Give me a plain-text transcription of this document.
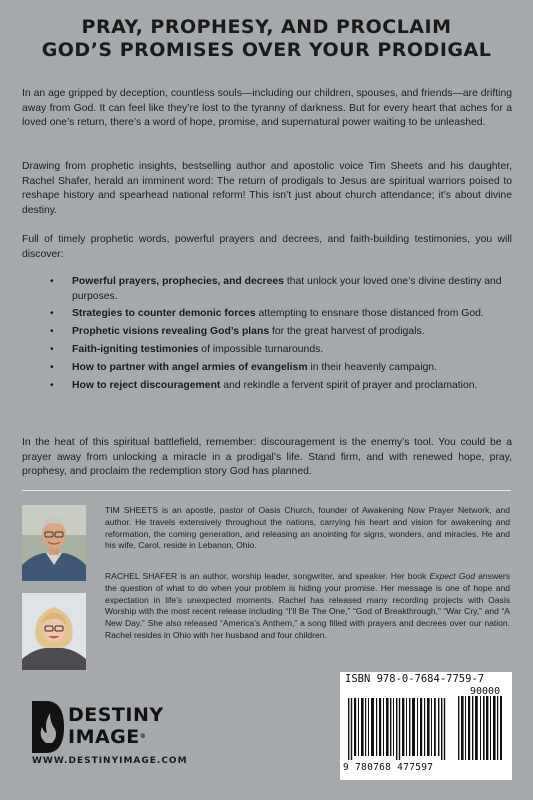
PRAY, PROPHESY, AND PROCLAIM
GOD’S PROMISES OVER YOUR PRODIGAL
In an age gripped by deception, countless souls—including our children, spouses, and friends—are drifting away from God. It can feel like they’re lost to the tyranny of darkness. But for every heart that aches for a loved one’s return, there’s a word of hope, promise, and supernatural power waiting to be unleashed.
Drawing from prophetic insights, bestselling author and apostolic voice Tim Sheets and his daughter, Rachel Shafer, herald an imminent word: The return of prodigals to Jesus are spiritual warriors poised to reshape history and spearhead national reform! This isn’t just about church attendance; it’s about divine destiny.
Full of timely prophetic words, powerful prayers and decrees, and faith-building testimonies, you will discover:
• Powerful prayers, prophecies, and decrees that unlock your loved one’s divine destiny and purposes.
• Strategies to counter demonic forces attempting to ensnare those distanced from God.
• Prophetic visions revealing God’s plans for the great harvest of prodigals.
• Faith-igniting testimonies of impossible turnarounds.
• How to partner with angel armies of evangelism in their heavenly campaign.
• How to reject discouragement and rekindle a fervent spirit of prayer and proclamation.
In the heat of this spiritual battlefield, remember: discouragement is the enemy’s tool. You could be a prayer away from unlocking a miracle in a prodigal’s life. Stand firm, and with renewed hope, pray, prophesy, and proclaim the redemption story God has planned.
TIM SHEETS is an apostle, pastor of Oasis Church, founder of Awakening Now Prayer Network, and author. He travels extensively throughout the nations, carrying his heart and vision for awakening and reformation, the coming generation, and releasing an anointing for signs, wonders, and miracles. He and his wife, Carol, reside in Lebanon, Ohio.
RACHEL SHAFER is an author, worship leader, songwriter, and speaker. Her book Expect God answers the question of what to do when your problem is hiding your promise. Her message is one of hope and expectation in life’s unexpected moments. Rachel has released many recording projects with Oasis Worship with the most recent release including “I’ll Be The One,” “God of Breakthrough,” “War Cry,” and “A New Day.” She also released “America’s Anthem,” a song filled with prayers and decrees over our nation. Rachel resides in Ohio with her husband and four children.
DESTINY
IMAGE®
WWW.DESTINYIMAGE.COM
ISBN 978-0-7684-7759-7
90000
9 780768 477597
